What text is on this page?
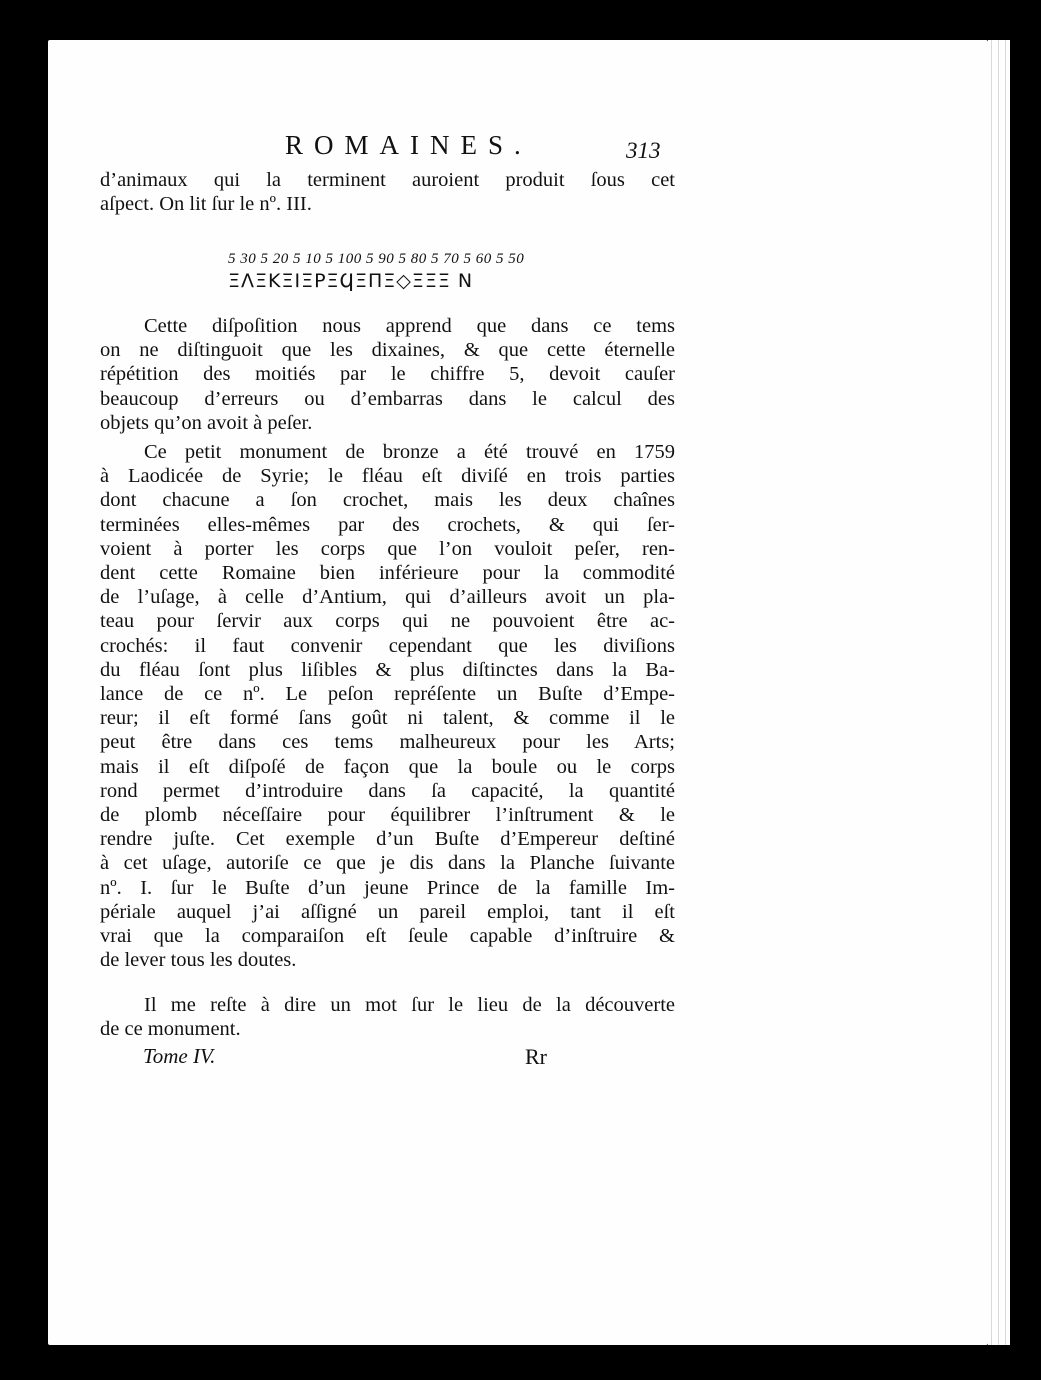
ROMAINES.	313
d’animaux qui la terminent auroient produit ſous cet
aſpect. On lit ſur le nº. III.
5 30 5 20 5 10 5 100 5 90 5 80 5 70 5 60 5 50
ΞΛΞΚΞΙΞΡΞϤΞΠΞ◇ΞΞΞ N
Cette diſpoſition nous apprend que dans ce tems
on ne diſtinguoit que les dixaines, & que cette éternelle
répétition des moitiés par le chiffre 5, devoit cauſer
beaucoup d’erreurs ou d’embarras dans le calcul des
objets qu’on avoit à peſer.
Ce petit monument de bronze a été trouvé en 1759
à Laodicée de Syrie; le fléau eſt diviſé en trois parties
dont chacune a ſon crochet, mais les deux chaînes
terminées elles-mêmes par des crochets, & qui ſer-
voient à porter les corps que l’on vouloit peſer, ren-
dent cette Romaine bien inférieure pour la commodité
de l’uſage, à celle d’Antium, qui d’ailleurs avoit un pla-
teau pour ſervir aux corps qui ne pouvoient être ac-
crochés: il faut convenir cependant que les diviſions
du fléau ſont plus liſibles & plus diſtinctes dans la Ba-
lance de ce nº. Le peſon repréſente un Buſte d’Empe-
reur; il eſt formé ſans goût ni talent, & comme il le
peut être dans ces tems malheureux pour les Arts;
mais il eſt diſpoſé de façon que la boule ou le corps
rond permet d’introduire dans ſa capacité, la quantité
de plomb néceſſaire pour équilibrer l’inſtrument & le
rendre juſte. Cet exemple d’un Buſte d’Empereur deſtiné
à cet uſage, autoriſe ce que je dis dans la Planche ſuivante
nº. I. ſur le Buſte d’un jeune Prince de la famille Im-
périale auquel j’ai aſſigné un pareil emploi, tant il eſt
vrai que la comparaiſon eſt ſeule capable d’inſtruire &
de lever tous les doutes.
Il me reſte à dire un mot ſur le lieu de la découverte
de ce monument.
Tome IV.	Rr
